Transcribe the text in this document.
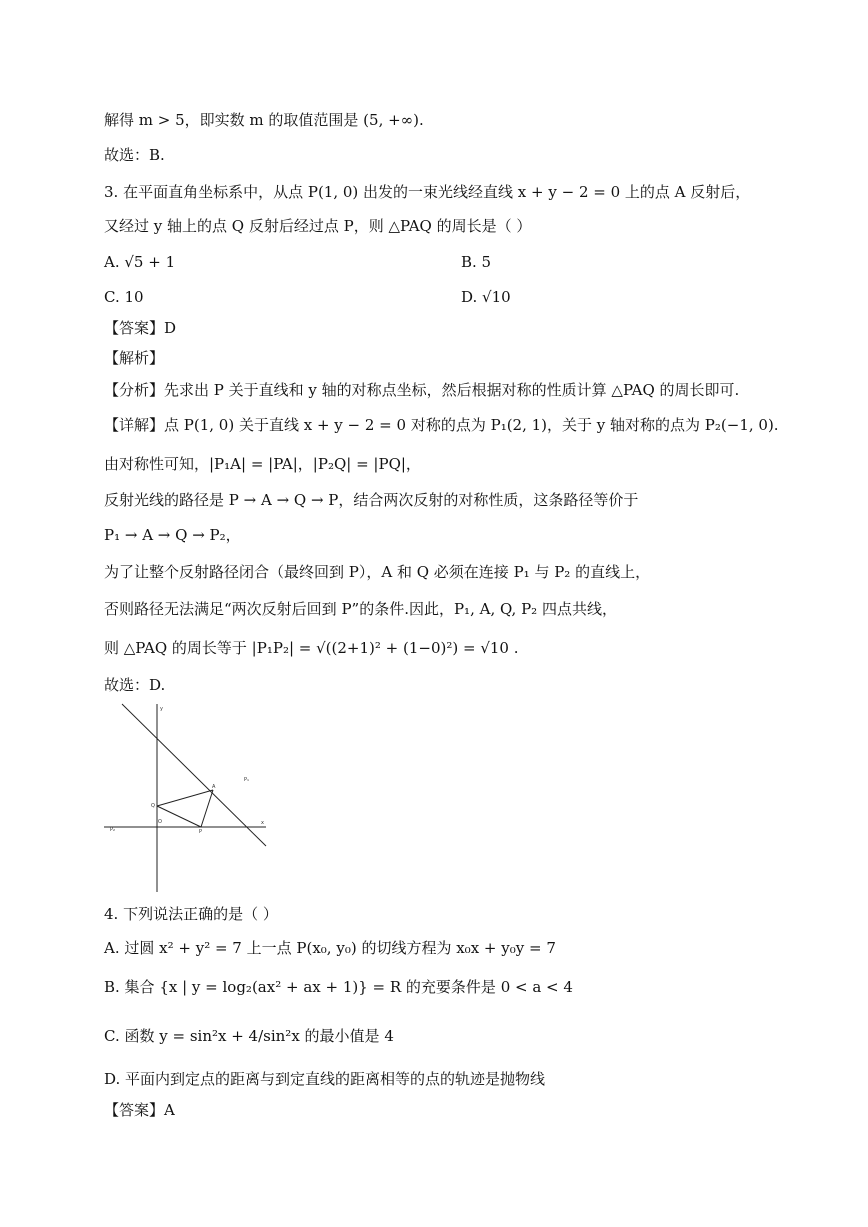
解得 m > 5，即实数 m 的取值范围是 (5, +∞).
故选：B.
3. 在平面直角坐标系中，从点 P(1, 0) 出发的一束光线经直线 x + y − 2 = 0 上的点 A 反射后，
又经过 y 轴上的点 Q 反射后经过点 P，则 △PAQ 的周长是（ ）
A. √5 + 1	B. 5
C. 10	D. √10
【答案】D
【解析】
【分析】先求出 P 关于直线和 y 轴的对称点坐标，然后根据对称的性质计算 △PAQ 的周长即可.
【详解】点 P(1, 0) 关于直线 x + y − 2 = 0 对称的点为 P₁(2, 1)，关于 y 轴对称的点为 P₂(−1, 0).
由对称性可知，|P₁A| = |PA|，|P₂Q| = |PQ|，
反射光线的路径是 P → A → Q → P，结合两次反射的对称性质，这条路径等价于
P₁ → A → Q → P₂，
为了让整个反射路径闭合（最终回到 P），A 和 Q 必须在连接 P₁ 与 P₂ 的直线上，
否则路径无法满足“两次反射后回到 P”的条件.因此，P₁, A, Q, P₂ 四点共线，
则 △PAQ 的周长等于 |P₁P₂| = √((2+1)² + (1−0)²) = √10 .
故选：D.
y
x
O
A
Q
P
P₁
P₂
4. 下列说法正确的是（ ）
A. 过圆 x² + y² = 7 上一点 P(x₀, y₀) 的切线方程为 x₀x + y₀y = 7
B. 集合 {x | y = log₂(ax² + ax + 1)} = R 的充要条件是 0 < a < 4
C. 函数 y = sin²x + 4/sin²x 的最小值是 4
D. 平面内到定点的距离与到定直线的距离相等的点的轨迹是抛物线
【答案】A
